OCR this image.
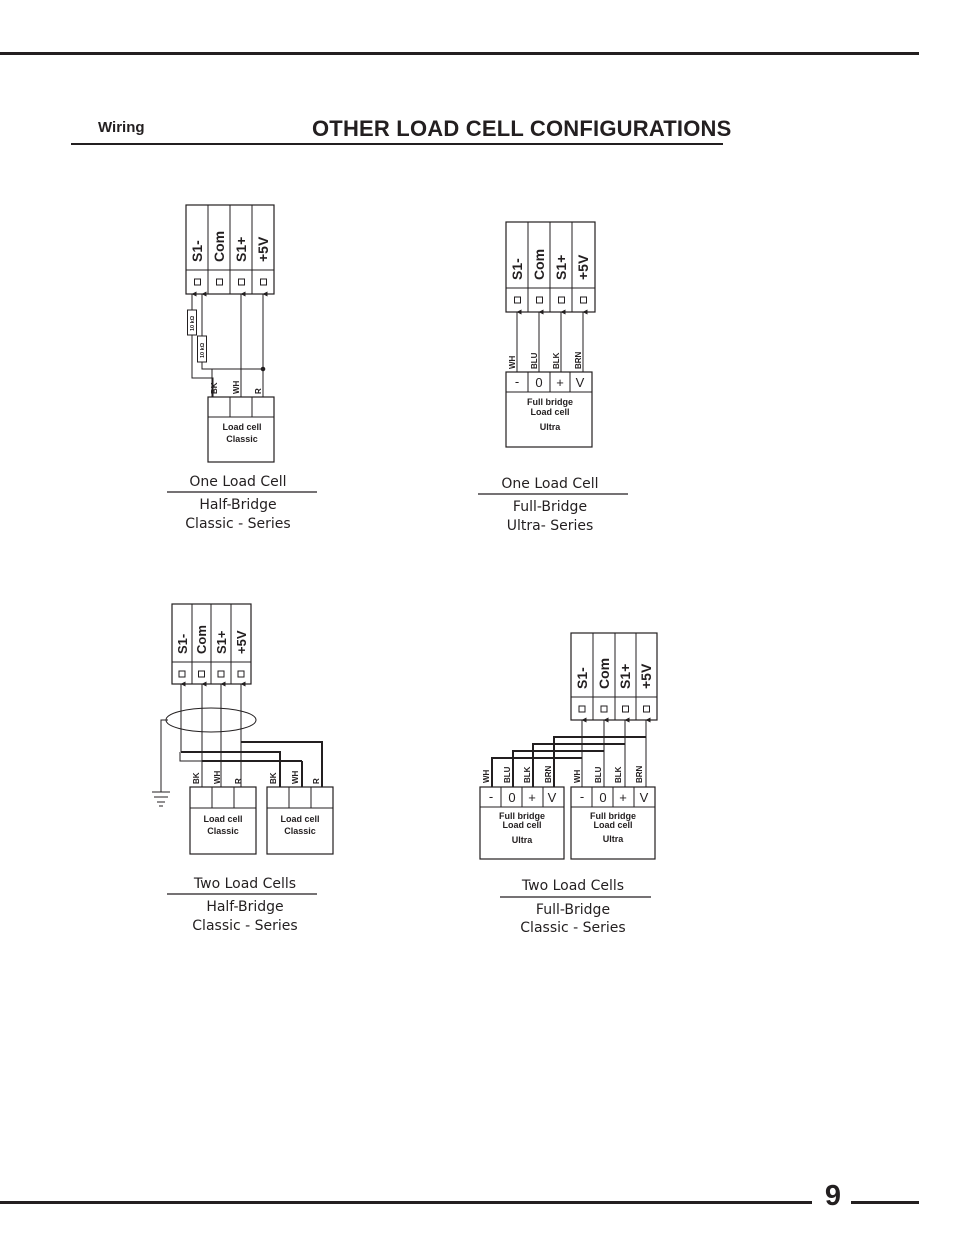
Wiring	OTHER LOAD CELL CONFIGURATIONS
9
S1- Com S1+ +5V
10 kΩ
10 kΩ
BK WH R
Load cell
Classic
One Load Cell
Half-Bridge
Classic - Series
S1- Com S1+ +5V
WH BLU BLK BRN
- 0 + V
Full bridge
Load cell
Ultra
One Load Cell
Full-Bridge
Ultra- Series
S1- Com S1+ +5V
BK WH R	BK WH R
Load cell
Classic
Load cell
Classic
Two Load Cells
Half-Bridge
Classic - Series
S1- Com S1+ +5V
WH BLU BLK BRN	WH BLU BLK BRN
- 0 + V - 0 + V
Full bridge
Load cell
Ultra
Full bridge
Load cell
Ultra
Two Load Cells
Full-Bridge
Classic - Series
